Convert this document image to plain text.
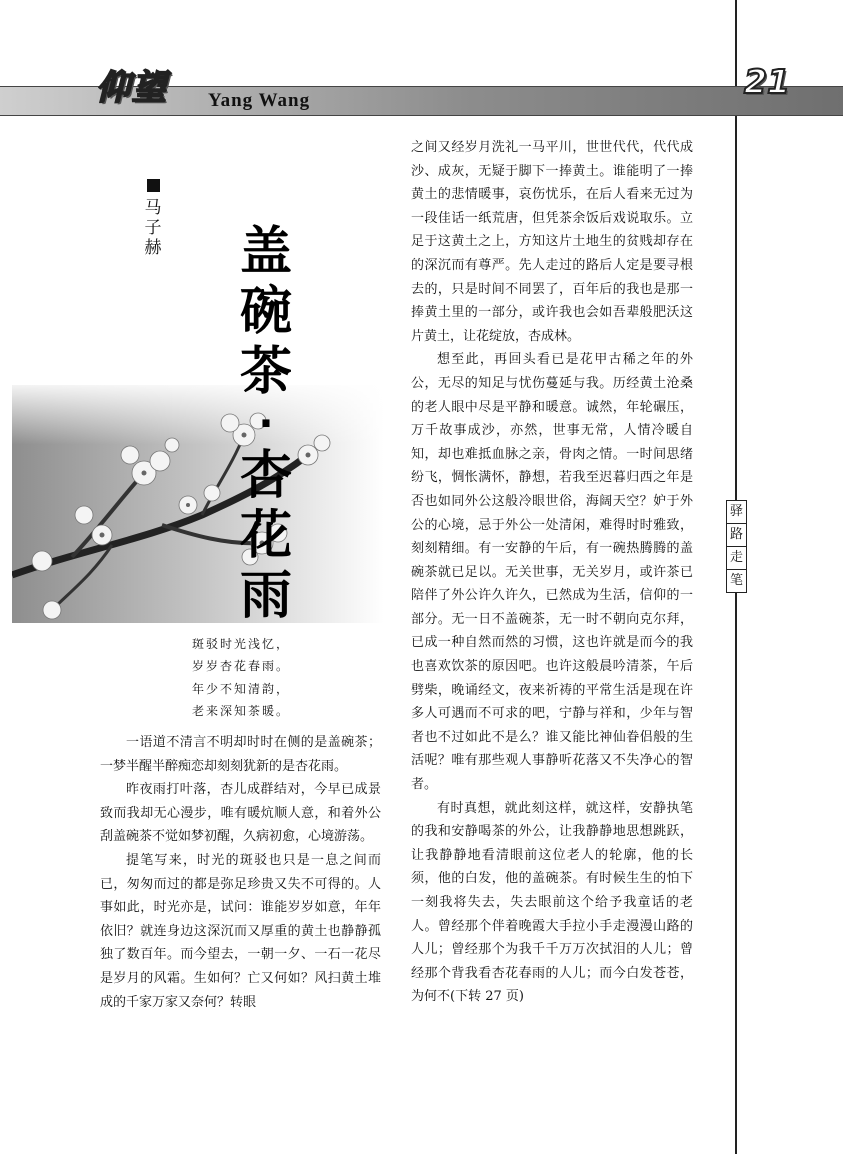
仰望 Yang Wang	21
马
子
赫 盖
碗
茶
·
杏
花
雨
斑驳时光浅忆，
岁岁杏花春雨。
年少不知清韵，
老来深知茶暖。

一语道不清言不明却时时在侧的是盖碗茶；一梦半醒半醉痴恋却刻刻犹新的是杏花雨。

昨夜雨打叶落，杏儿成群结对，今早已成景致而我却无心漫步，唯有暖炕顺人意，和着外公刮盖碗茶不觉如梦初醒，久病初愈，心境游荡。

提笔写来，时光的斑驳也只是一息之间而已，匆匆而过的都是弥足珍贵又失不可得的。人事如此，时光亦是，试问：谁能岁岁如意，年年依旧？就连身边这深沉而又厚重的黄土也静静孤独了数百年。而今望去，一朝一夕、一石一花尽是岁月的风霜。生如何？亡又何如？风扫黄土堆成的千家万家又奈何？转眼

之间又经岁月洗礼一马平川，世世代代，代代成沙、成灰，无疑于脚下一捧黄土。谁能明了一捧黄土的悲情暖事，哀伤忧乐，在后人看来无过为一段佳话一纸荒唐，但凭茶余饭后戏说取乐。立足于这黄土之上，方知这片土地生的贫贱却存在的深沉而有尊严。先人走过的路后人定是要寻根去的，只是时间不同罢了，百年后的我也是那一捧黄土里的一部分，或许我也会如吾辈般肥沃这片黄土，让花绽放，杏成林。

想至此，再回头看已是花甲古稀之年的外公，无尽的知足与忧伤蔓延与我。历经黄土沧桑的老人眼中尽是平静和暖意。诚然，年轮碾压，万千故事成沙，亦然，世事无常，人情冷暖自知，却也难抵血脉之亲，骨肉之情。一时间思绪纷飞，惆怅满怀，静想，若我至迟暮归西之年是否也如同外公这般冷眼世俗，海阔天空？妒于外公的心境，忌于外公一处清闲，难得时时雅致，刻刻精细。有一安静的午后，有一碗热腾腾的盖碗茶就已足以。无关世事，无关岁月，或许茶已陪伴了外公许久许久，已然成为生活，信仰的一部分。无一日不盖碗茶，无一时不朝向克尔拜，已成一种自然而然的习惯，这也许就是而今的我也喜欢饮茶的原因吧。也许这般晨吟清茶，午后劈柴，晚诵经文，夜来祈祷的平常生活是现在许多人可遇而不可求的吧，宁静与祥和，少年与智者也不过如此不是么？谁又能比神仙眷侣般的生活呢？唯有那些观人事静听花落又不失净心的智者。

有时真想，就此刻这样，就这样，安静执笔的我和安静喝茶的外公，让我静静地思想跳跃，让我静静地看清眼前这位老人的轮廓，他的长须，他的白发，他的盖碗茶。有时候生生的怕下一刻我将失去，失去眼前这个给予我童话的老人。曾经那个伴着晚霞大手拉小手走漫漫山路的人儿；曾经那个为我千千万万次拭泪的人儿；曾经那个背我看杏花春雨的人儿；而今白发苍苍，为何不(下转 27 页)

驿
路
走
笔
